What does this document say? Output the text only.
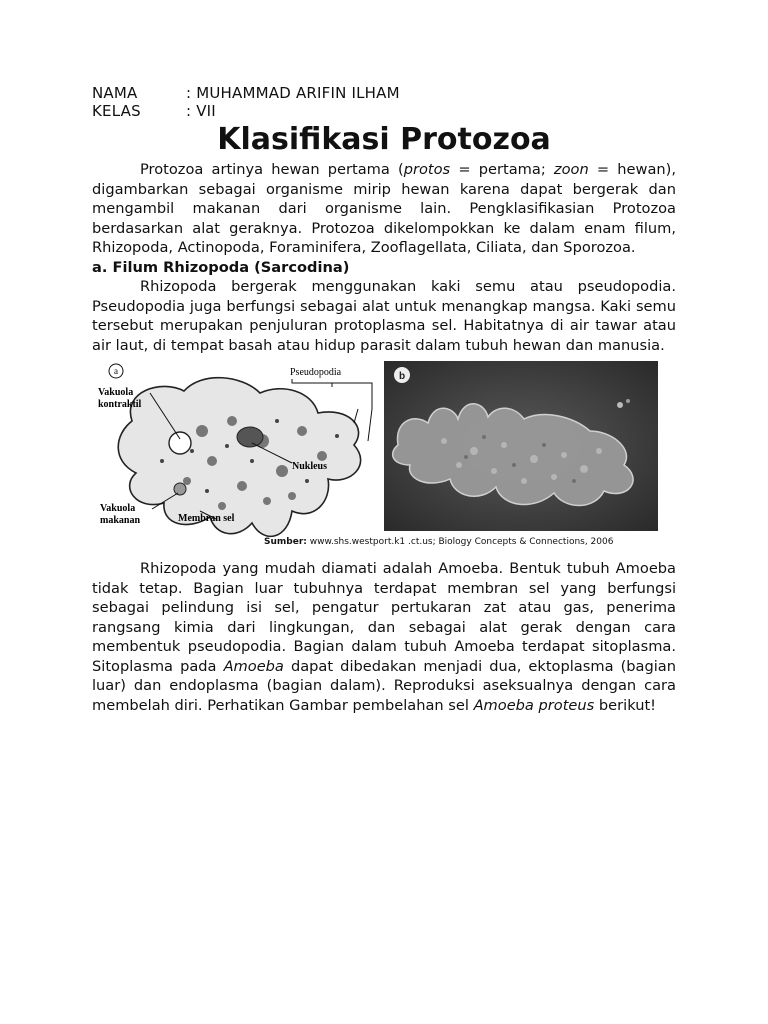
NAMA	: MUHAMMAD ARIFIN ILHAM
KELAS	: VII
Klasifikasi Protozoa

Protozoa artinya hewan pertama (protos = pertama; zoon = hewan), digambarkan sebagai organisme mirip hewan karena dapat bergerak dan mengambil makanan dari organisme lain. Pengklasifikasian Protozoa berdasarkan alat geraknya. Protozoa dikelompokkan ke dalam enam filum, Rhizopoda, Actinopoda, Foraminifera, Zooflagellata, Ciliata, dan Sporozoa.

a. Filum Rhizopoda (Sarcodina)

Rhizopoda bergerak menggunakan kaki semu atau pseudopodia. Pseudopodia juga berfungsi sebagai alat untuk menangkap mangsa. Kaki semu tersebut merupakan penjuluran protoplasma sel. Habitatnya di air tawar atau air laut, di tempat basah atau hidup parasit dalam tubuh hewan dan manusia.

a	Pseudopodia
Vakuola
kontraktil
Nukleus
Vakuola
makanan	Membran sel
b
Sumber: www.shs.westport.k1 .ct.us; Biology Concepts & Connections, 2006

Rhizopoda yang mudah diamati adalah Amoeba. Bentuk tubuh Amoeba tidak tetap. Bagian luar tubuhnya terdapat membran sel yang berfungsi sebagai pelindung isi sel, pengatur pertukaran zat atau gas, penerima rangsang kimia dari lingkungan, dan sebagai alat gerak dengan cara membentuk pseudopodia. Bagian dalam tubuh Amoeba terdapat sitoplasma. Sitoplasma pada Amoeba dapat dibedakan menjadi dua, ektoplasma (bagian luar) dan endoplasma (bagian dalam). Reproduksi aseksualnya dengan cara membelah diri. Perhatikan Gambar pembelahan sel Amoeba proteus berikut!
